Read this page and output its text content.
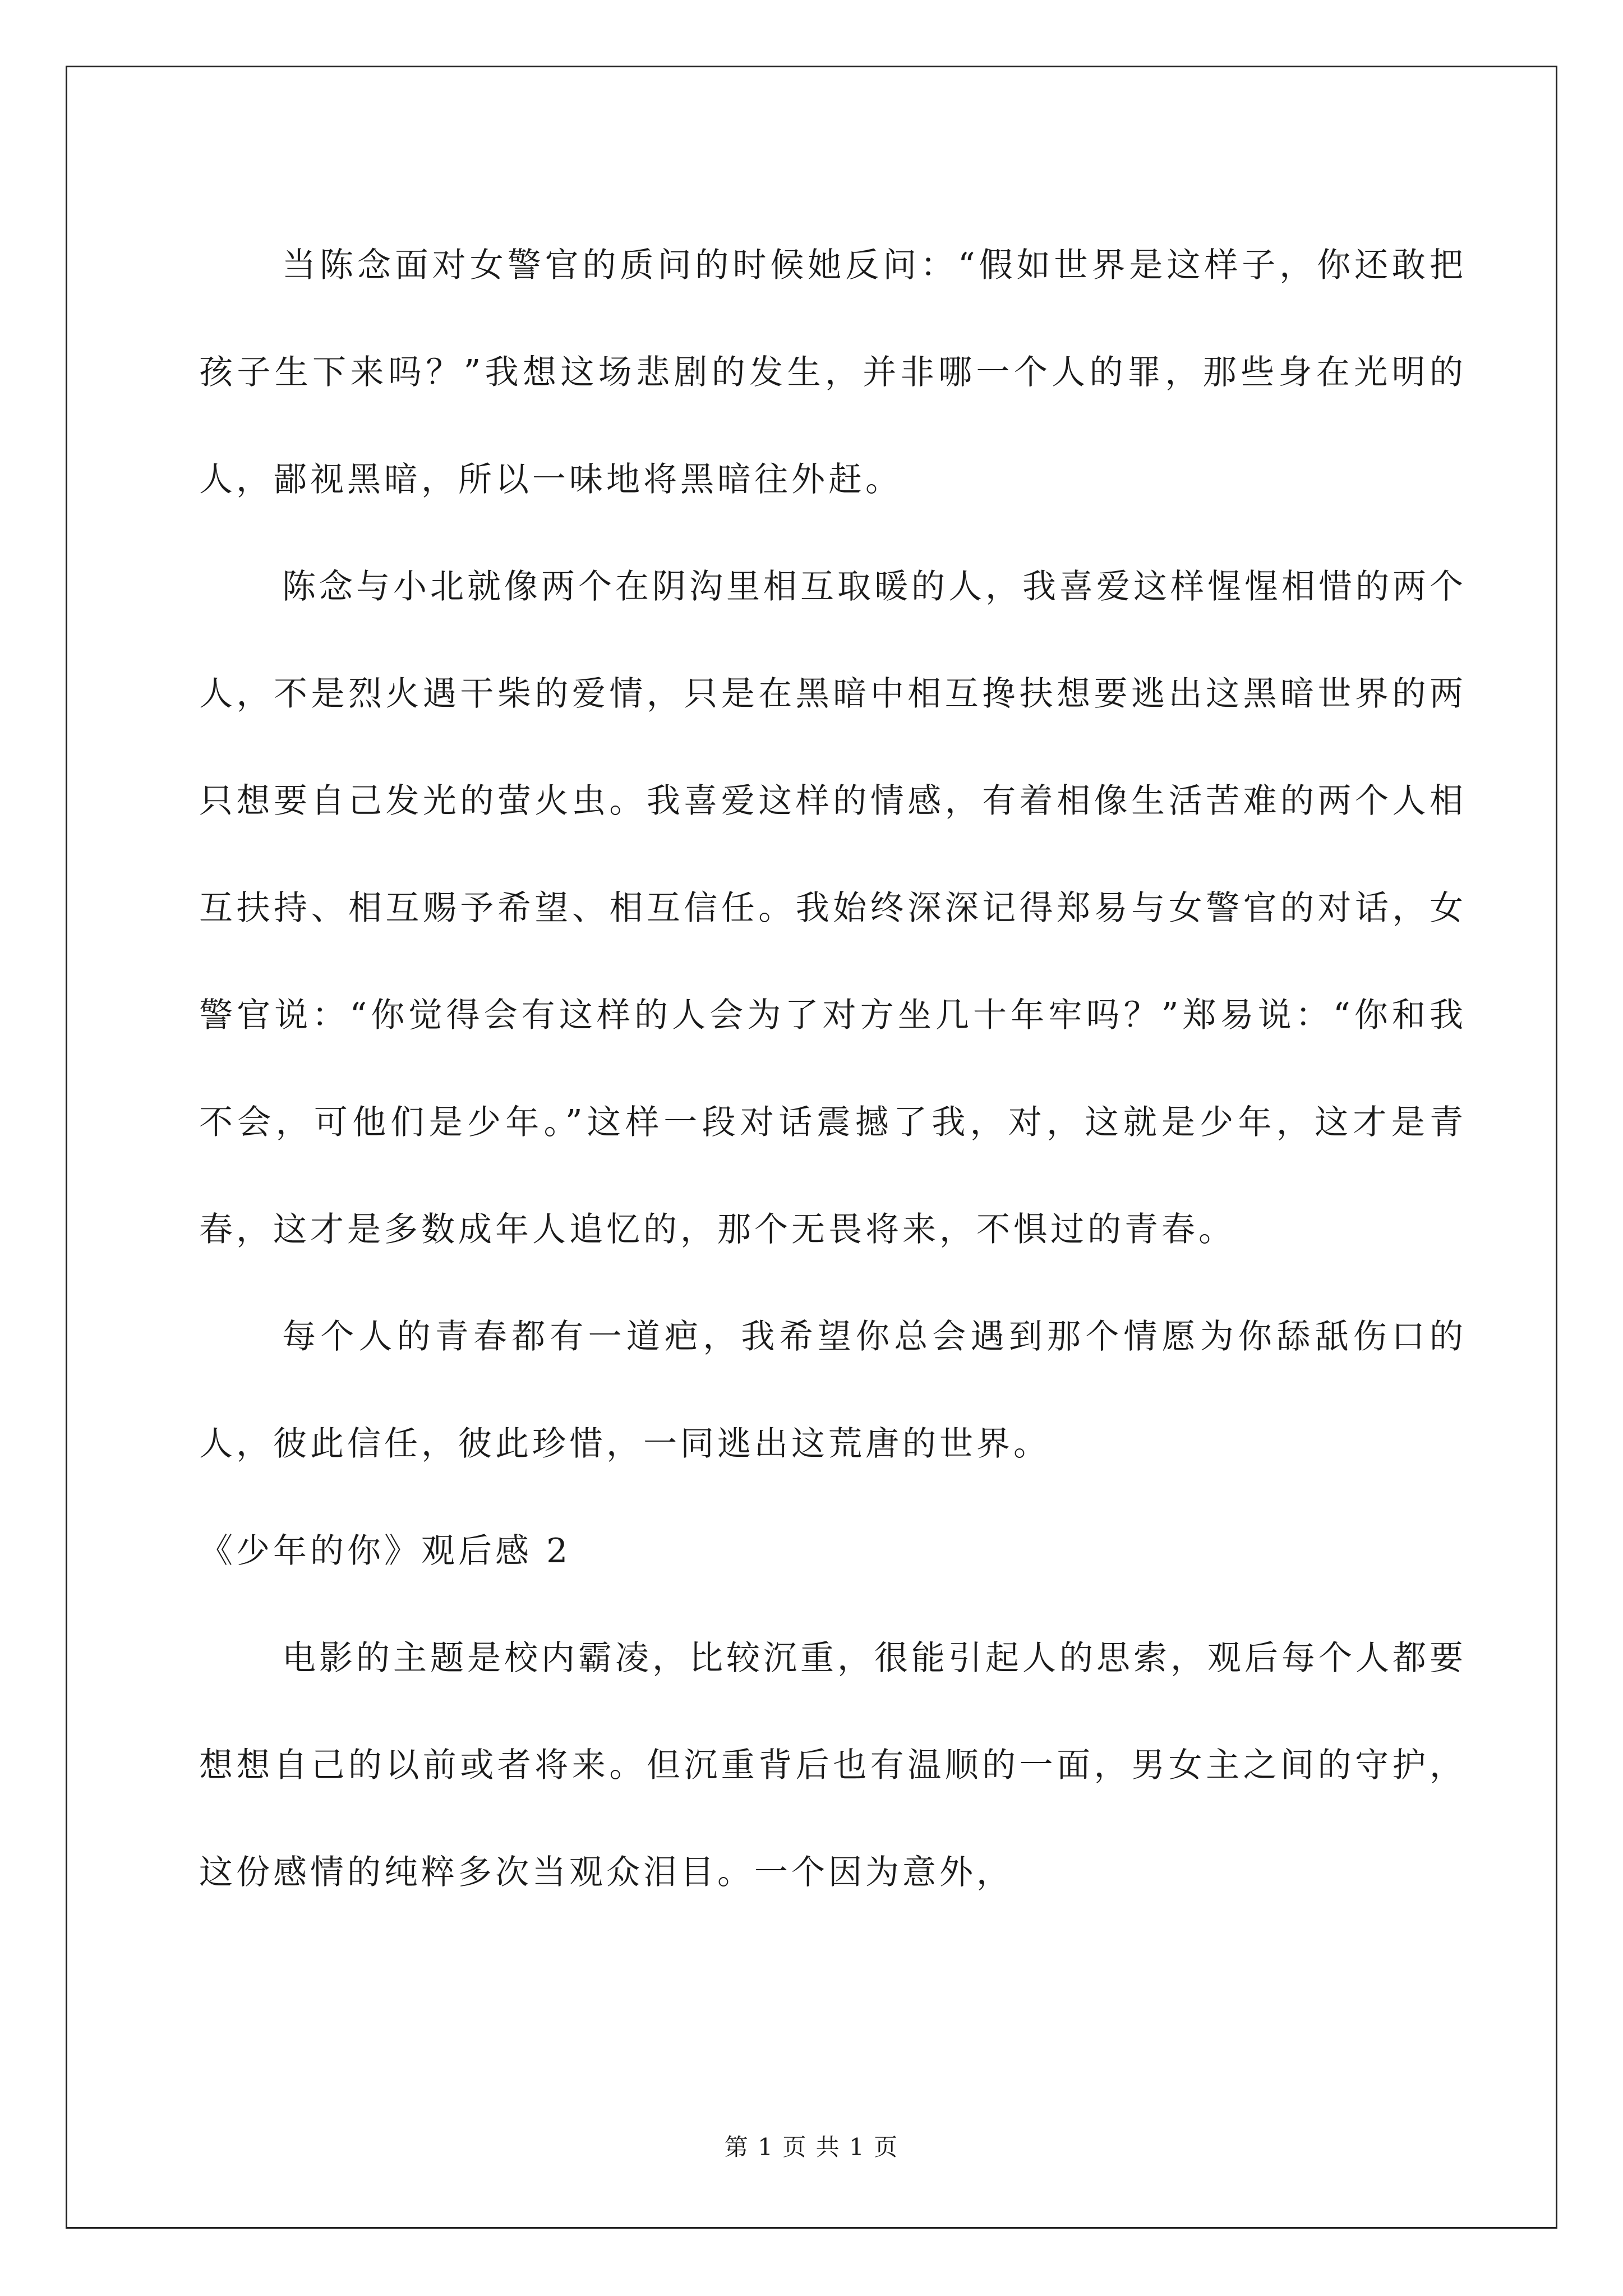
当陈念面对女警官的质问的时候她反问：“假如世界是这样子，你还敢把孩子生下来吗？”我想这场悲剧的发生，并非哪一个人的罪，那些身在光明的人，鄙视黑暗，所以一味地将黑暗往外赶。

陈念与小北就像两个在阴沟里相互取暖的人，我喜爱这样惺惺相惜的两个人，不是烈火遇干柴的爱情，只是在黑暗中相互搀扶想要逃出这黑暗世界的两只想要自己发光的萤火虫。我喜爱这样的情感，有着相像生活苦难的两个人相互扶持、相互赐予希望、相互信任。我始终深深记得郑易与女警官的对话，女警官说：“你觉得会有这样的人会为了对方坐几十年牢吗？”郑易说：“你和我不会，可他们是少年。”这样一段对话震撼了我，对，这就是少年，这才是青春，这才是多数成年人追忆的，那个无畏将来，不惧过的青春。

每个人的青春都有一道疤，我希望你总会遇到那个情愿为你舔舐伤口的人，彼此信任，彼此珍惜，一同逃出这荒唐的世界。

《少年的你》观后感 2

电影的主题是校内霸凌，比较沉重，很能引起人的思索，观后每个人都要想想自己的以前或者将来。但沉重背后也有温顺的一面，男女主之间的守护，这份感情的纯粹多次当观众泪目。一个因为意外，

第 1 页 共 1 页
